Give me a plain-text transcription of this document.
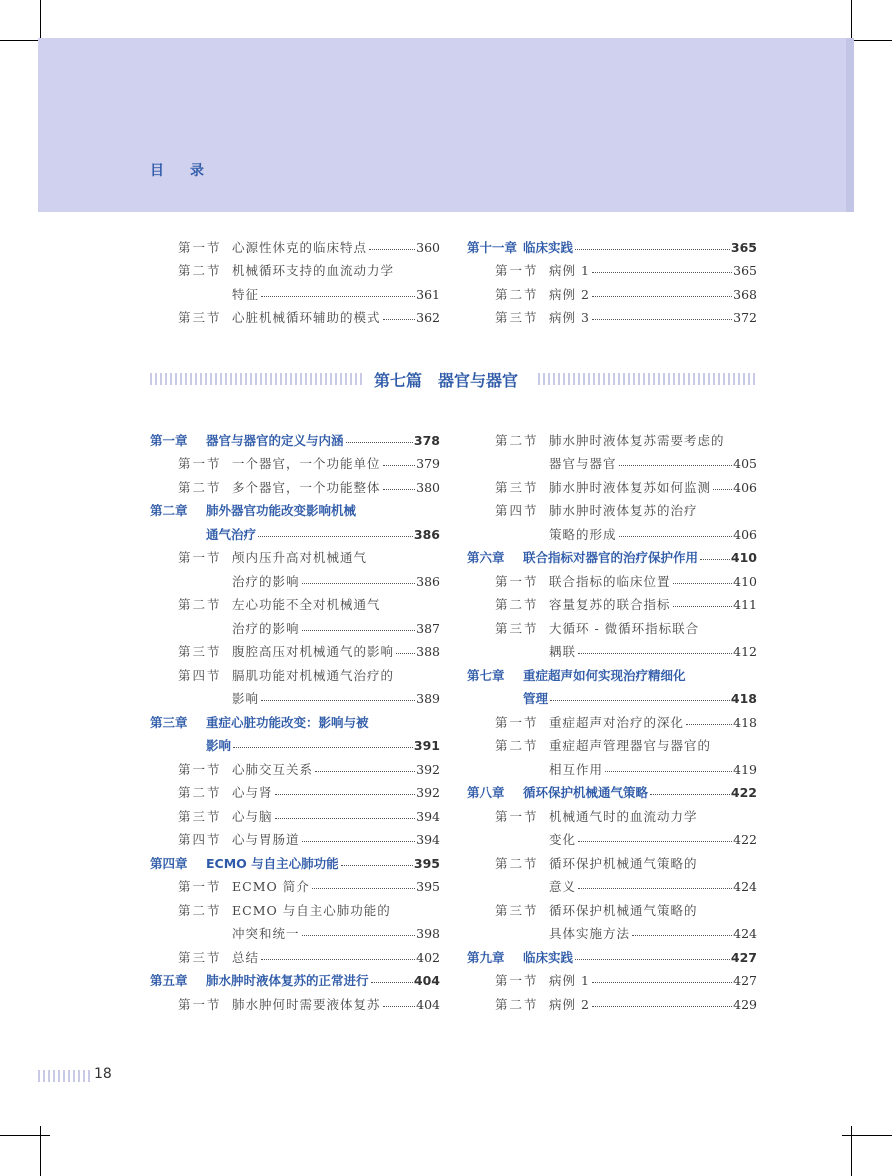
目 录
第一节 心源性休克的临床特点	360
第二节 机械循环支持的血流动力学
特征	361
第三节 心脏机械循环辅助的模式	362
第十一章 临床实践	365
第一节 病例 1	365
第二节 病例 2	368
第三节 病例 3	372
第七篇 器官与器官
第一章	器官与器官的定义与内涵	378
第一节 一个器官，一个功能单位	379
第二节 多个器官，一个功能整体	380
第二章	肺外器官功能改变影响机械
通气治疗	386
第一节 颅内压升高对机械通气
治疗的影响	386
第二节 左心功能不全对机械通气
治疗的影响	387
第三节 腹腔高压对机械通气的影响 388
第四节 膈肌功能对机械通气治疗的
影响	389
第三章	重症心脏功能改变：影响与被
影响	391
第一节 心肺交互关系	392
第二节 心与肾	392
第三节 心与脑	394
第四节 心与胃肠道	394
第四章	ECMO 与自主心肺功能	395
第一节 ECMO 简介	395
第二节 ECMO 与自主心肺功能的
冲突和统一	398
第三节 总结	402
第五章	肺水肿时液体复苏的正常进行	404
第一节 肺水肿何时需要液体复苏	404
第二节 肺水肿时液体复苏需要考虑的
器官与器官	405
第三节 肺水肿时液体复苏如何监测 406
第四节 肺水肿时液体复苏的治疗
策略的形成	406
第六章	联合指标对器官的治疗保护作用	410
第一节 联合指标的临床位置	410
第二节 容量复苏的联合指标	411
第三节 大循环 - 微循环指标联合
耦联	412
第七章	重症超声如何实现治疗精细化
管理	418
第一节 重症超声对治疗的深化	418
第二节 重症超声管理器官与器官的
相互作用	419
第八章	循环保护机械通气策略	422
第一节 机械通气时的血流动力学
变化	422
第二节 循环保护机械通气策略的
意义	424
第三节 循环保护机械通气策略的
具体实施方法	424
第九章	临床实践	427
第一节 病例 1	427
第二节 病例 2	429
18
